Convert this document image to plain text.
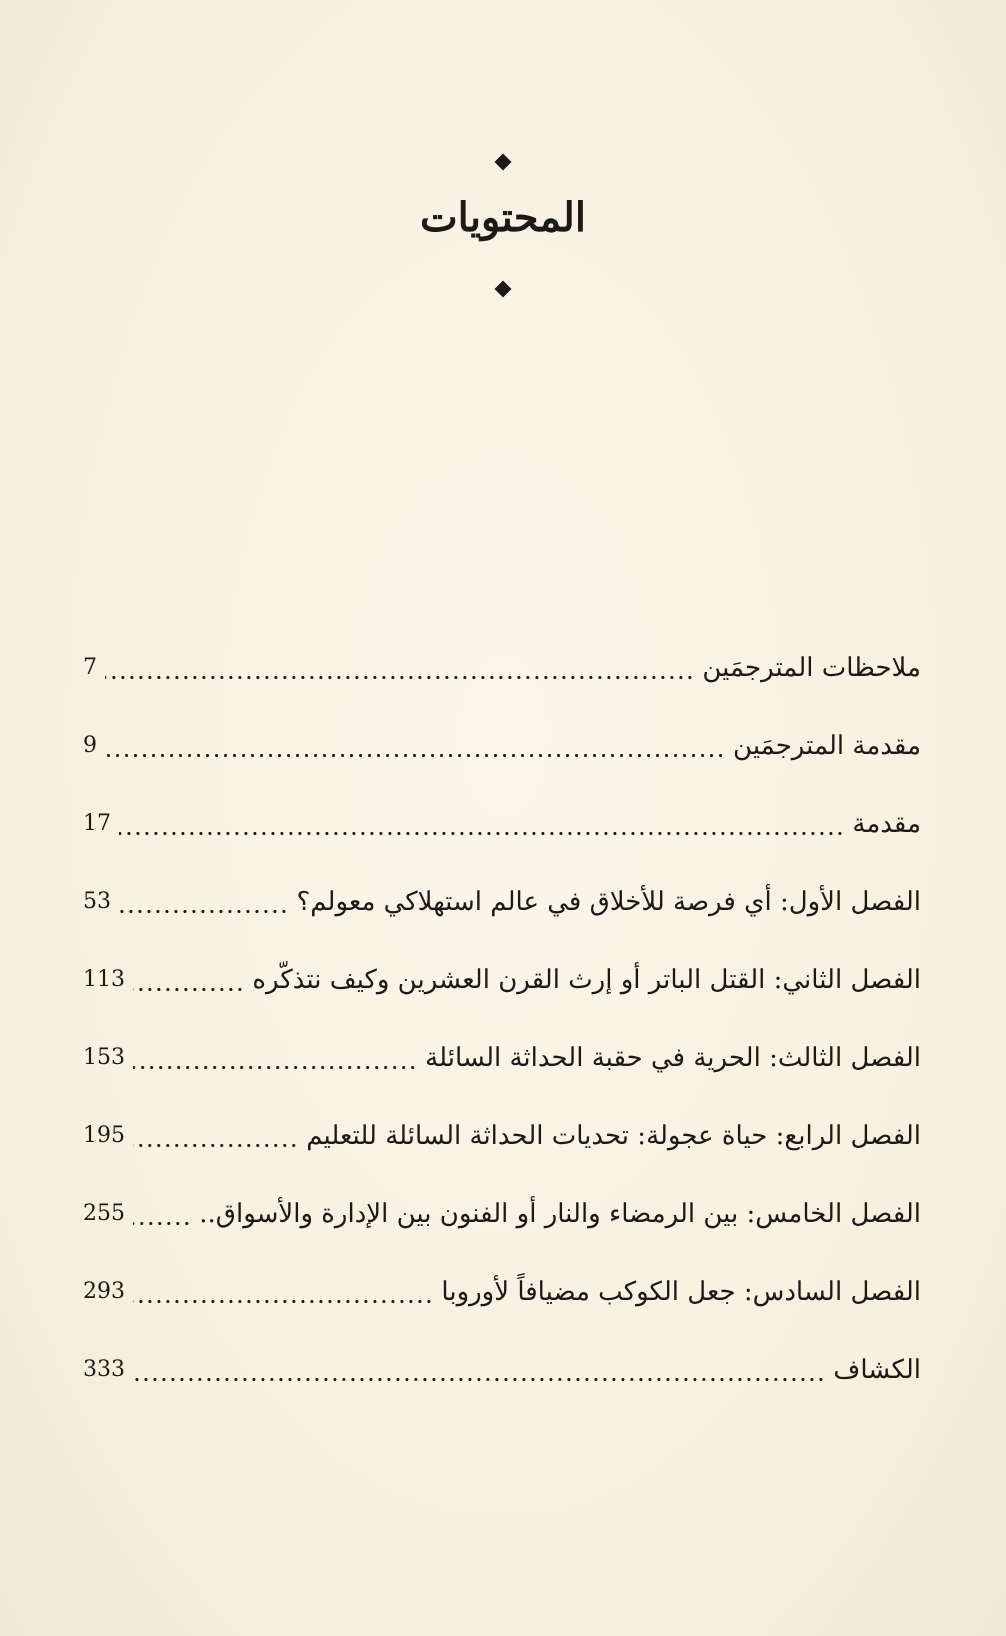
المحتويات
ملاحظات المترجمَين
7
مقدمة المترجمَين
9
مقدمة
17
الفصل الأول: أي فرصة للأخلاق في عالم استهلاكي معولم؟
53
الفصل الثاني: القتل الباتر أو إرث القرن العشرين وكيف نتذكّره
113
الفصل الثالث: الحرية في حقبة الحداثة السائلة
153
الفصل الرابع: حياة عجولة: تحديات الحداثة السائلة للتعليم
195
الفصل الخامس: بين الرمضاء والنار أو الفنون بين الإدارة والأسواق..
255
الفصل السادس: جعل الكوكب مضيافاً لأوروبا
293
الكشاف
333
